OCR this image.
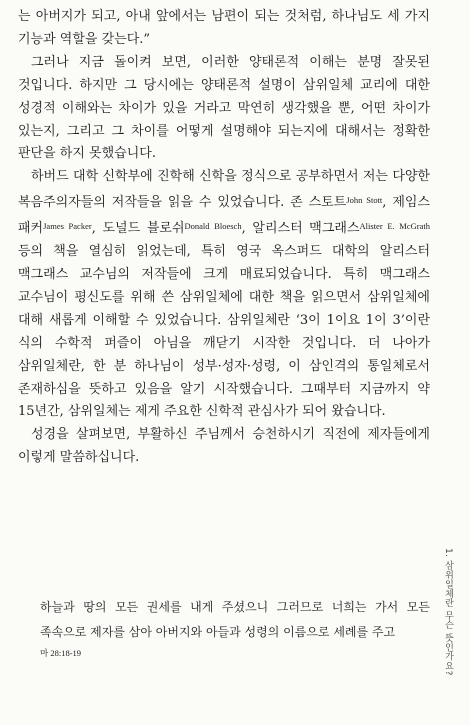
는 아버지가 되고, 아내 앞에서는 남편이 되는 것처럼, 하나님도 세 가지 기능과 역할을 갖는다.”

그러나 지금 돌이켜 보면, 이러한 양태론적 이해는 분명 잘못된 것입니다. 하지만 그 당시에는 양태론적 설명이 삼위일체 교리에 대한 성경적 이해와는 차이가 있을 거라고 막연히 생각했을 뿐, 어떤 차이가 있는지, 그리고 그 차이를 어떻게 설명해야 되는지에 대해서는 정확한 판단을 하지 못했습니다.

하버드 대학 신학부에 진학해 신학을 정식으로 공부하면서 저는 다양한 복음주의자들의 저작들을 읽을 수 있었습니다. 존 스토트$^{John Stott}$, 제임스 패커$^{James Packer}$, 도널드 블로쉬$^{Donald Bloesch}$, 알리스터 맥그래스$^{Alister E. McGrath}$ 등의 책을 열심히 읽었는데, 특히 영국 옥스퍼드 대학의 알리스터 맥그래스 교수님의 저작들에 크게 매료되었습니다. 특히 맥그래스 교수님이 평신도를 위해 쓴 삼위일체에 대한 책을 읽으면서 삼위일체에 대해 새롭게 이해할 수 있었습니다. 삼위일체란 ‘3이 1이요 1이 3’이란 식의 수학적 퍼즐이 아님을 깨닫기 시작한 것입니다. 더 나아가 삼위일체란, 한 분 하나님이 성부·성자·성령, 이 삼인격의 통일체로서 존재하심을 뜻하고 있음을 알기 시작했습니다. 그때부터 지금까지 약 15년간, 삼위일체는 제게 주요한 신학적 관심사가 되어 왔습니다.

성경을 살펴보면, 부활하신 주님께서 승천하시기 직전에 제자들에게 이렇게 말씀하십니다.

하늘과 땅의 모든 권세를 내게 주셨으니 그러므로 너희는 가서 모든 족속으로 제자를 삼아 아버지와 아들과 성령의 이름으로 세례를 주고

마 28:18-19	1. 삼위일체란 무슨 뜻인가요?
